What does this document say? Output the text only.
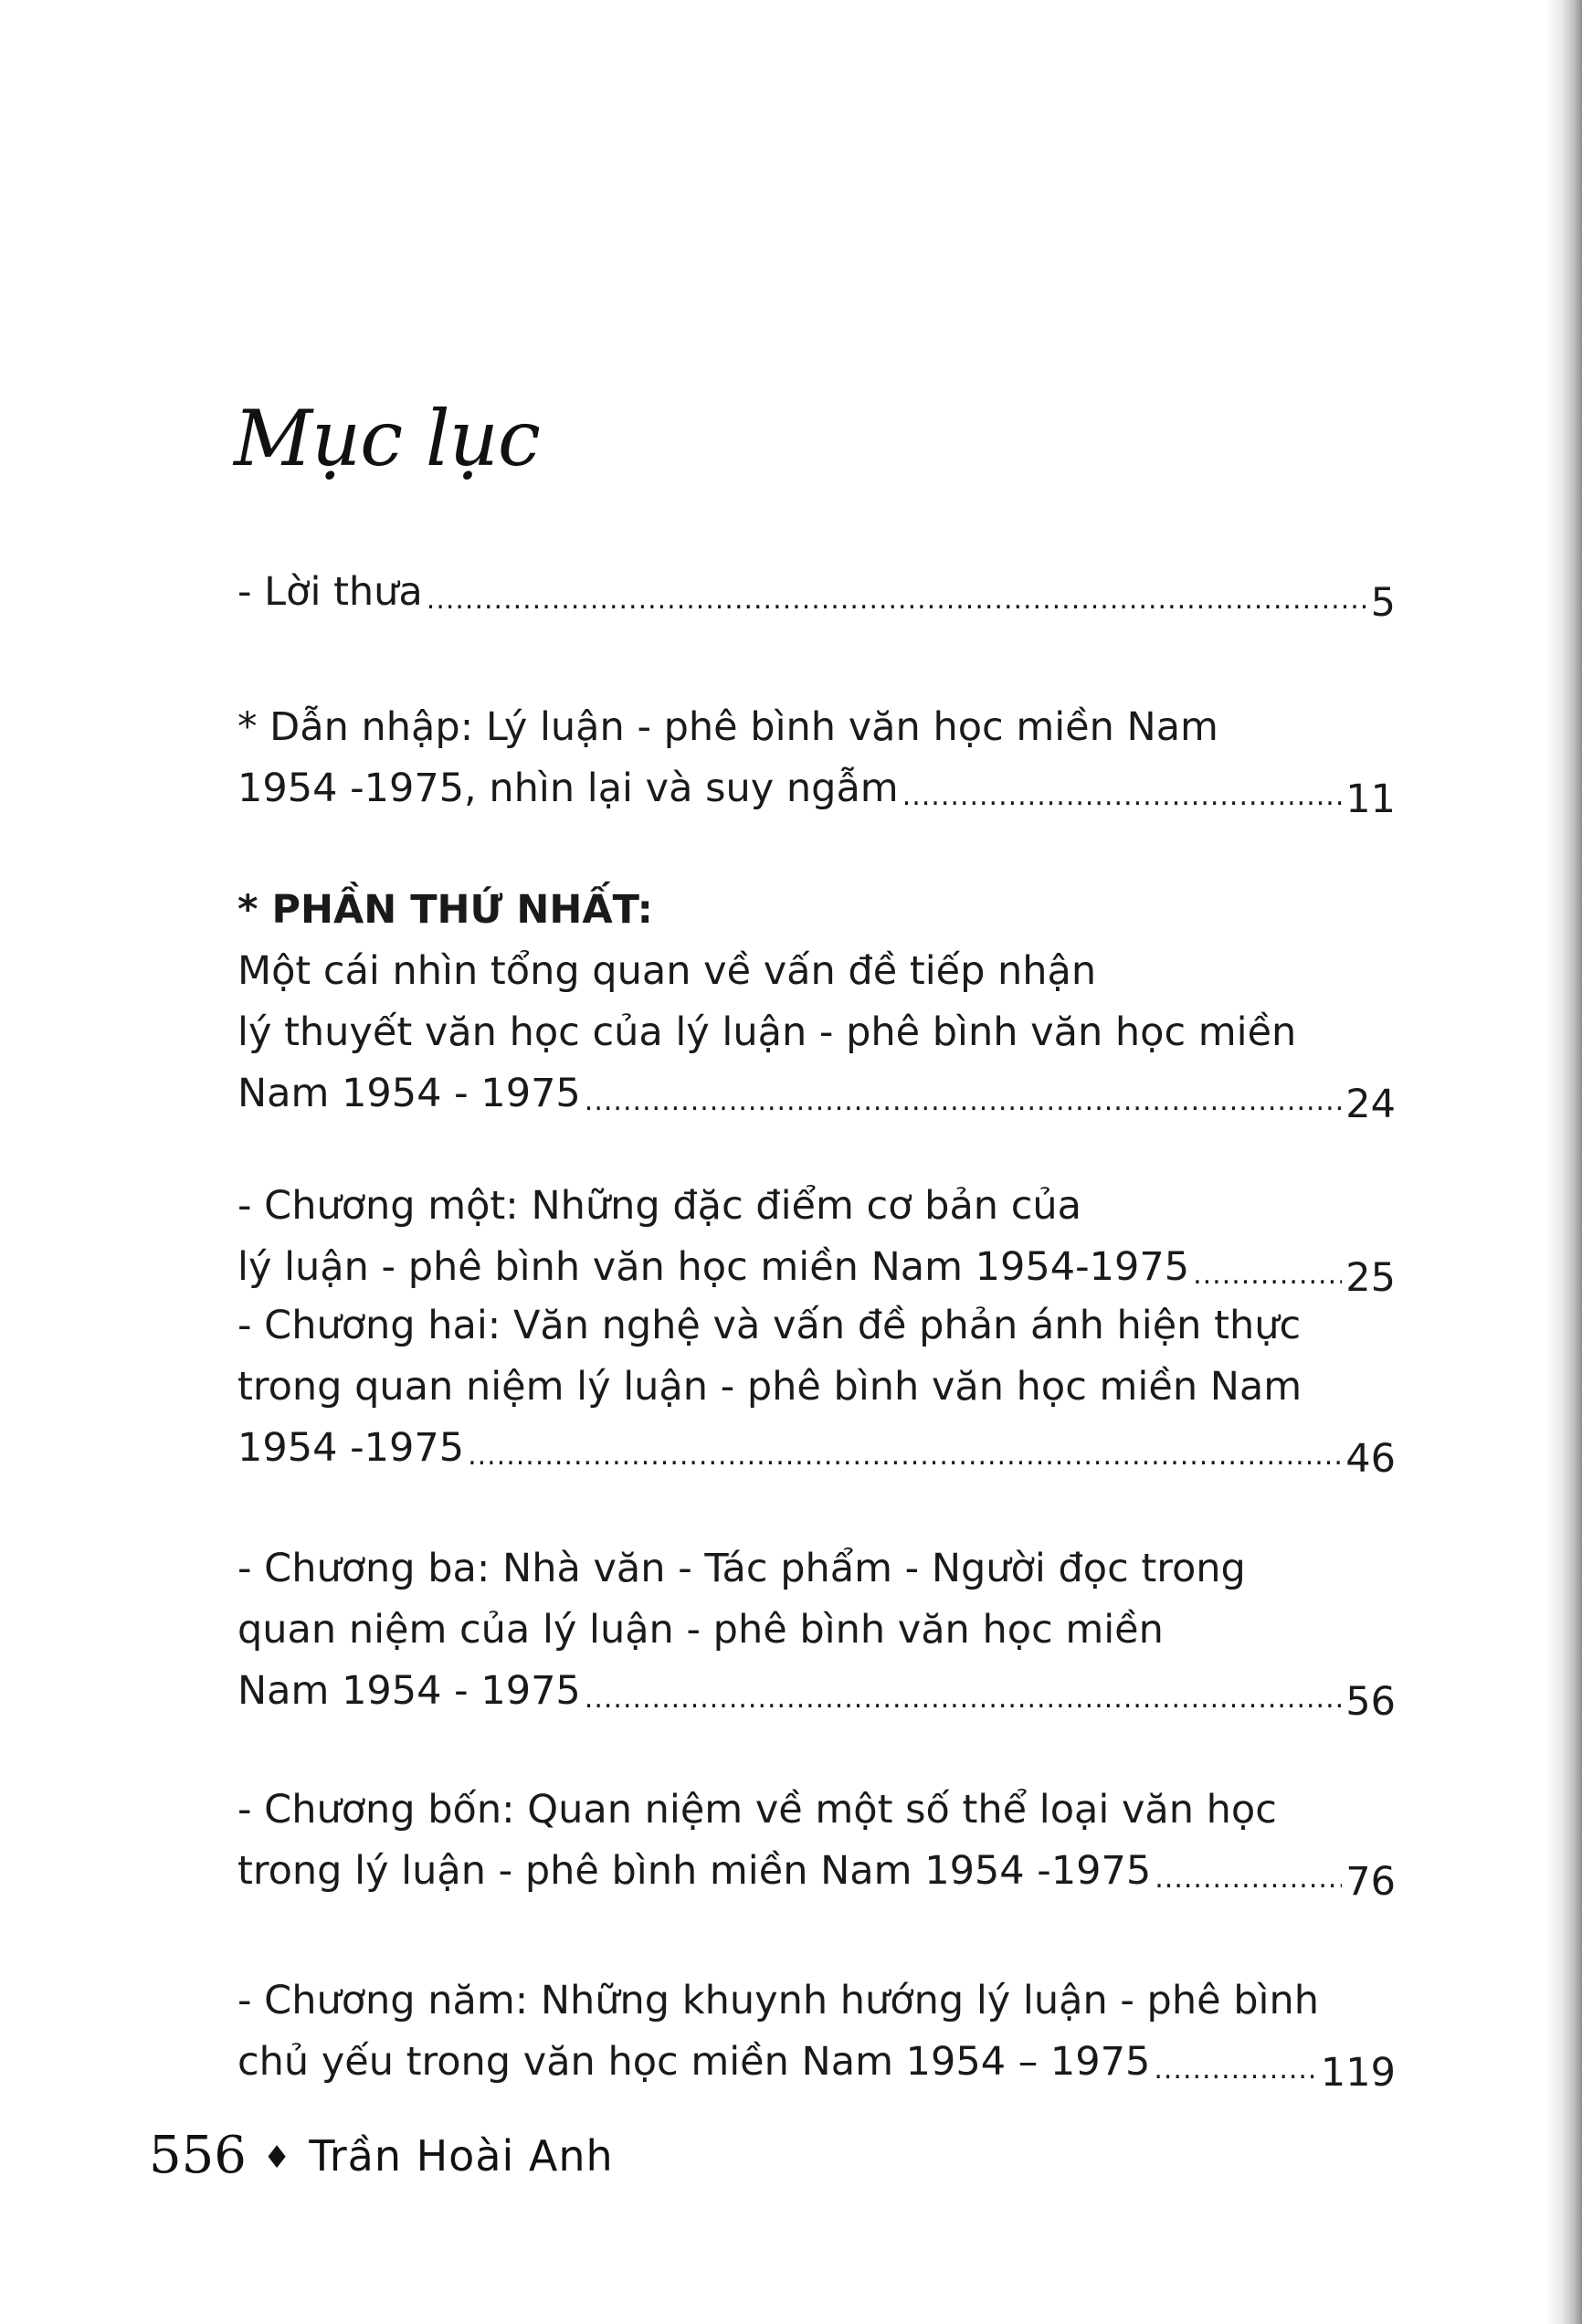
Mục lục
- Lời thưa .....	5
* Dẫn nhập: Lý luận - phê bình văn học miền Nam
1954 -1975, nhìn lại và suy ngẫm .....	11
* PHẦN THỨ NHẤT:
Một cái nhìn tổng quan về vấn đề tiếp nhận
lý thuyết văn học của lý luận - phê bình văn học miền
Nam 1954 - 1975 .....	24
- Chương một: Những đặc điểm cơ bản của
lý luận - phê bình văn học miền Nam 1954-1975 .....	25
- Chương hai: Văn nghệ và vấn đề phản ánh hiện thực
trong quan niệm lý luận - phê bình văn học miền Nam
1954 -1975 .....	46
- Chương ba: Nhà văn - Tác phẩm - Người đọc trong
quan niệm của lý luận - phê bình văn học miền
Nam 1954 - 1975 .....	56
- Chương bốn: Quan niệm về một số thể loại văn học
trong lý luận - phê bình miền Nam 1954 -1975 .....	76
- Chương năm: Những khuynh hướng lý luận - phê bình
chủ yếu trong văn học miền Nam 1954 – 1975 .....	119
556 ♦ Trần Hoài Anh
